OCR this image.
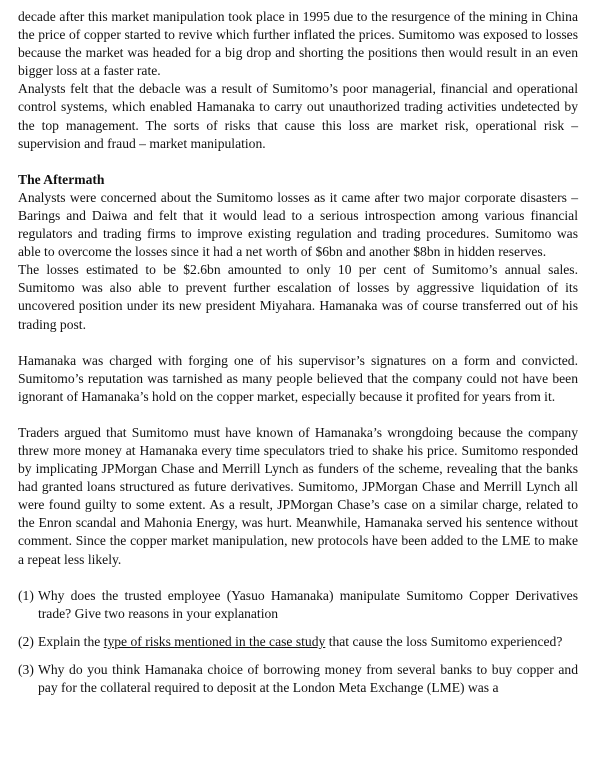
decade after this market manipulation took place in 1995 due to the resurgence of the mining in China the price of copper started to revive which further inflated the prices. Sumitomo was exposed to losses because the market was headed for a big drop and shorting the positions then would result in an even bigger loss at a faster rate.

Analysts felt that the debacle was a result of Sumitomo’s poor managerial, financial and operational control systems, which enabled Hamanaka to carry out unauthorized trading activities undetected by the top management. The sorts of risks that cause this loss are market risk, operational risk – supervision and fraud – market manipulation.

The Aftermath

Analysts were concerned about the Sumitomo losses as it came after two major corporate disasters – Barings and Daiwa and felt that it would lead to a serious introspection among various financial regulators and trading firms to improve existing regulation and trading procedures. Sumitomo was able to overcome the losses since it had a net worth of $6bn and another $8bn in hidden reserves.

The losses estimated to be $2.6bn amounted to only 10 per cent of Sumitomo’s annual sales. Sumitomo was also able to prevent further escalation of losses by aggressive liquidation of its uncovered position under its new president Miyahara. Hamanaka was of course transferred out of his trading post.

Hamanaka was charged with forging one of his supervisor’s signatures on a form and convicted. Sumitomo’s reputation was tarnished as many people believed that the company could not have been ignorant of Hamanaka’s hold on the copper market, especially because it profited for years from it.

Traders argued that Sumitomo must have known of Hamanaka’s wrongdoing because the company threw more money at Hamanaka every time speculators tried to shake his price. Sumitomo responded by implicating JPMorgan Chase and Merrill Lynch as funders of the scheme, revealing that the banks had granted loans structured as future derivatives. Sumitomo, JPMorgan Chase and Merrill Lynch all were found guilty to some extent. As a result, JPMorgan Chase’s case on a similar charge, related to the Enron scandal and Mahonia Energy, was hurt. Meanwhile, Hamanaka served his sentence without comment. Since the copper market manipulation, new protocols have been added to the LME to make a repeat less likely.

(1) Why does the trusted employee (Yasuo Hamanaka) manipulate Sumitomo Copper Derivatives trade? Give two reasons in your explanation
(2) Explain the type of risks mentioned in the case study that cause the loss Sumitomo experienced?
(3) Why do you think Hamanaka choice of borrowing money from several banks to buy copper and pay for the collateral required to deposit at the London Meta Exchange (LME) was a
